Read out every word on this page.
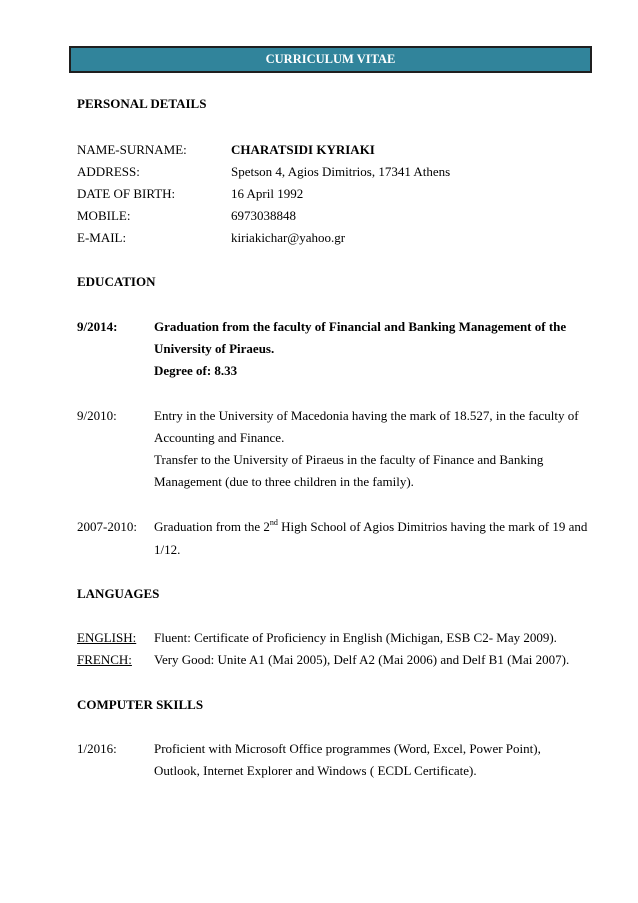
CURRICULUM VITAE
PERSONAL DETAILS
NAME-SURNAME:	CHARATSIDI KYRIAKI
ADDRESS:	Spetson 4, Agios Dimitrios, 17341 Athens
DATE OF BIRTH:	16 April 1992
MOBILE:	6973038848
E-MAIL:	kiriakichar@yahoo.gr
EDUCATION
9/2014:	Graduation from the faculty of Financial and Banking Management of the
University of Piraeus.
Degree of: 8.33
9/2010:	Entry in the University of Macedonia having the mark of 18.527, in the faculty of
Accounting and Finance.
Transfer to the University of Piraeus in the faculty of Finance and Banking
Management (due to three children in the family).
2007-2010: Graduation from the 2nd High School of Agios Dimitrios having the mark of 19 and
1/12.
LANGUAGES
ENGLISH: Fluent: Certificate of Proficiency in English (Michigan, ESB C2- May 2009).
FRENCH: Very Good: Unite A1 (Mai 2005), Delf A2 (Mai 2006) and Delf B1 (Mai 2007).
COMPUTER SKILLS
1/2016:	Proficient with Microsoft Office programmes (Word, Excel, Power Point),
Outlook, Internet Explorer and Windows ( ECDL Certificate).
